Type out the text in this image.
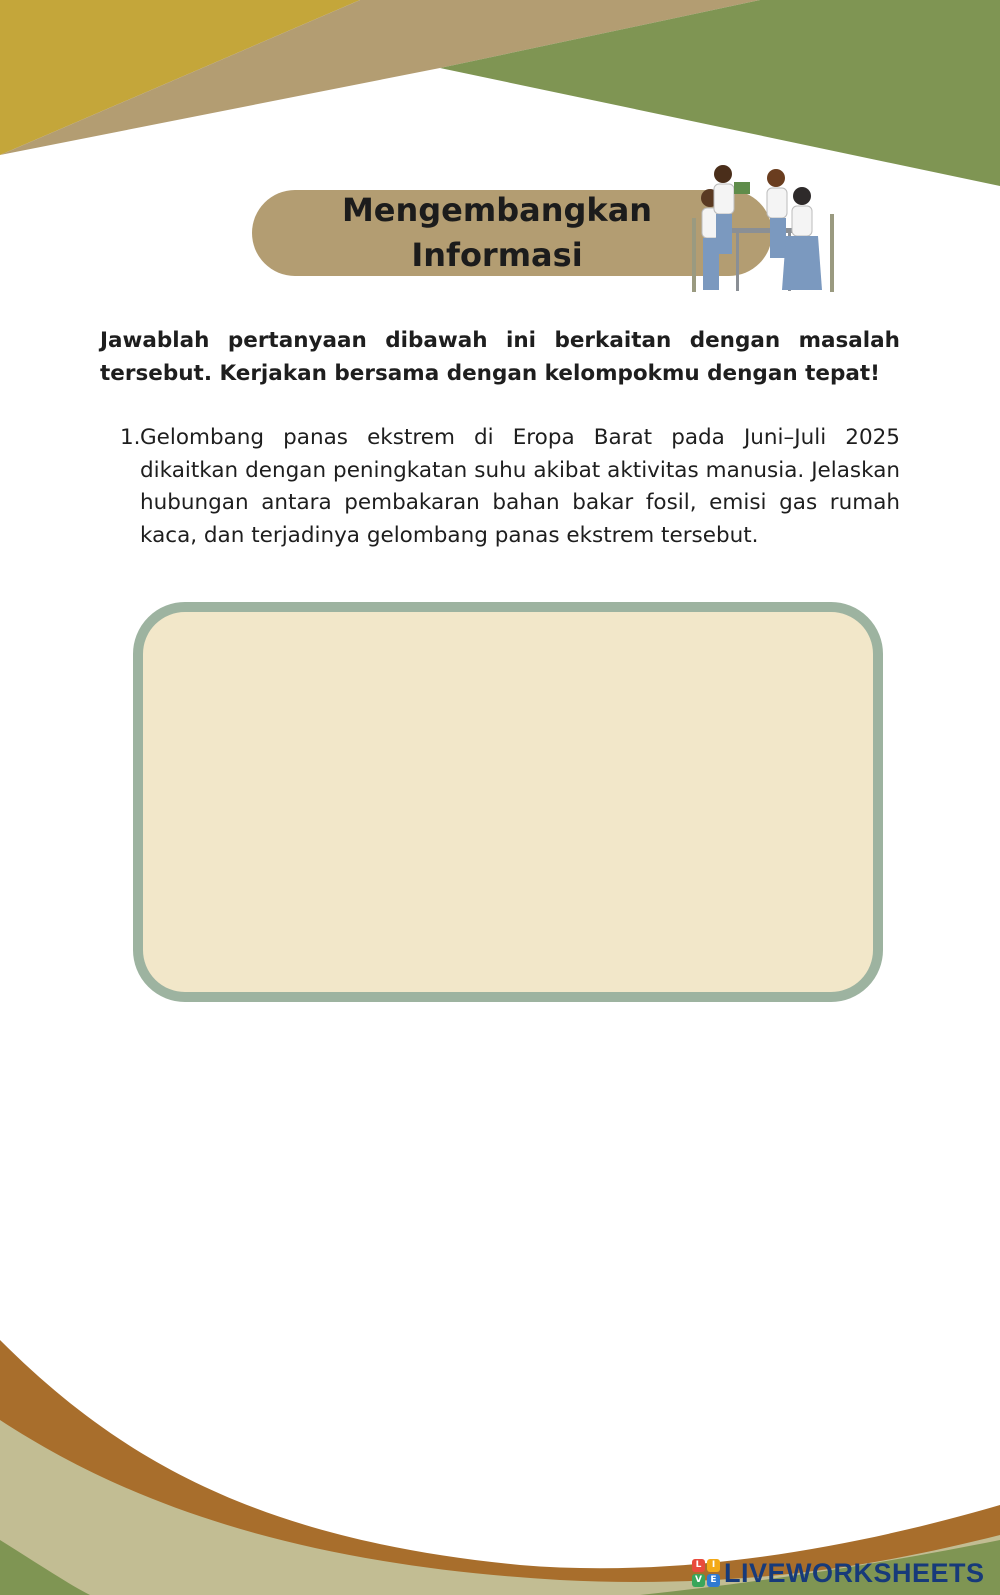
Mengembangkan
Informasi
Jawablah pertanyaan dibawah ini berkaitan dengan masalah tersebut. Kerjakan bersama dengan kelompokmu dengan tepat!
1. Gelombang panas ekstrem di Eropa Barat pada Juni–Juli 2025 dikaitkan dengan peningkatan suhu akibat aktivitas manusia. Jelaskan hubungan antara pembakaran bahan bakar fosil, emisi gas rumah kaca, dan terjadinya gelombang panas ekstrem tersebut.
L	I
V E LIVEWORKSHEETS
